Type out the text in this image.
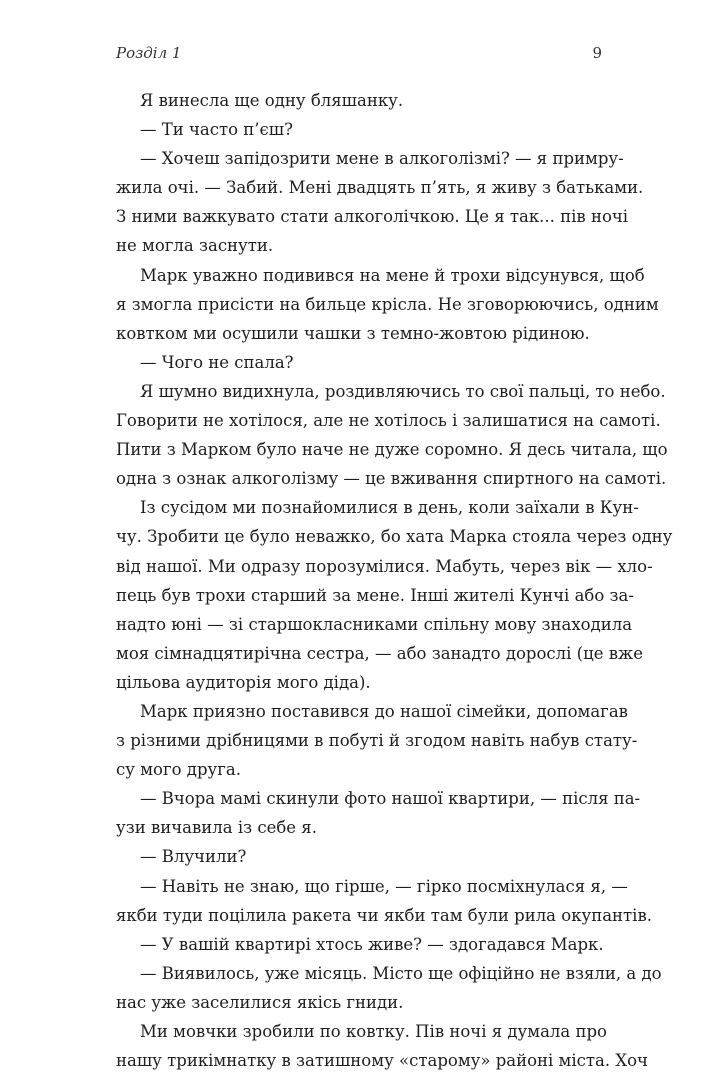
Розділ 1	9
Я винесла ще одну бляшанку.
— Ти часто п’єш?
— Хочеш запідозрити мене в алкоголізмі? — я примру-
жила очі. — Забий. Мені двадцять п’ять, я живу з батьками.
З ними важкувато стати алкоголічкою. Це я так... пів ночі
не могла заснути.
Марк уважно подивився на мене й трохи відсунувся, щоб
я змогла присісти на бильце крісла. Не зговорюючись, одним
ковтком ми осушили чашки з темно-жовтою рідиною.
— Чого не спала?
Я шумно видихнула, роздивляючись то свої пальці, то небо.
Говорити не хотілося, але не хотілось і залишатися на самоті.
Пити з Марком було наче не дуже соромно. Я десь читала, що
одна з ознак алкоголізму — це вживання спиртного на самоті.
Із сусідом ми познайомилися в день, коли заїхали в Кун-
чу. Зробити це було неважко, бо хата Марка стояла через одну
від нашої. Ми одразу порозумілися. Мабуть, через вік — хло-
пець був трохи старший за мене. Інші жителі Кунчі або за-
надто юні — зі старшокласниками спільну мову знаходила
моя сімнадцятирічна сестра, — або занадто дорослі (це вже
цільова аудиторія мого діда).
Марк приязно поставився до нашої сімейки, допомагав
з різними дрібницями в побуті й згодом навіть набув стату-
су мого друга.
— Вчора мамі скинули фото нашої квартири, — після па-
узи вичавила із себе я.
— Влучили?
— Навіть не знаю, що гірше, — гірко посміхнулася я, —
якби туди поцілила ракета чи якби там були рила окупантів.
— У вашій квартирі хтось живе? — здогадався Марк.
— Виявилось, уже місяць. Місто ще офіційно не взяли, а до
нас уже заселилися якісь гниди.
Ми мовчки зробили по ковтку. Пів ночі я думала про
нашу трикімнатку в затишному «старому» районі міста. Хоч
